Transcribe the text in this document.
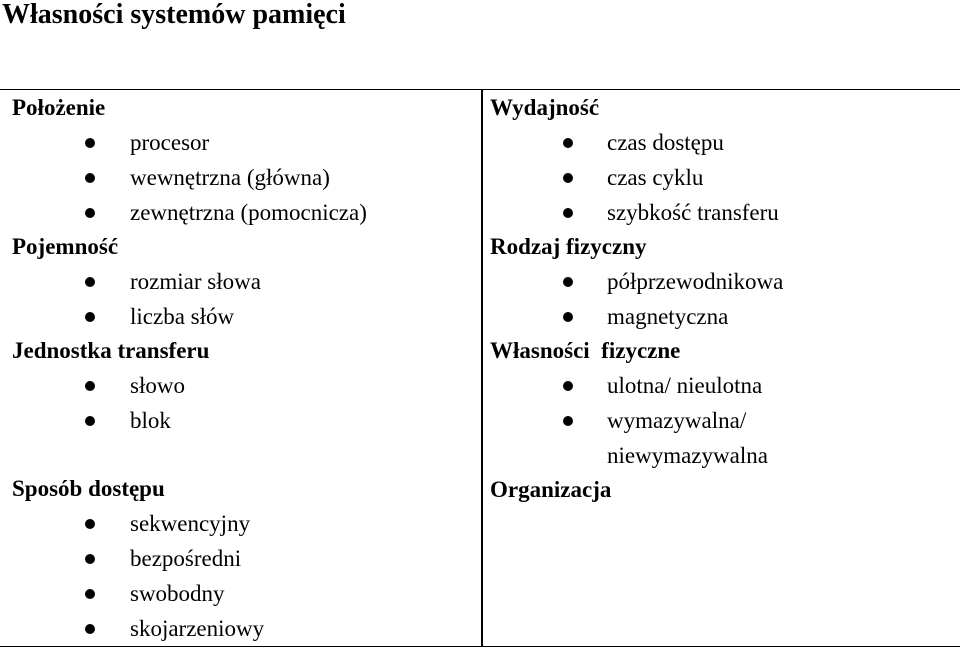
Własności systemów pamięci
Położenie
procesor
wewnętrzna (główna)
zewnętrzna (pomocnicza)
Pojemność
rozmiar słowa
liczba słów
Jednostka transferu
słowo
blok
Sposób dostępu
sekwencyjny
bezpośredni
swobodny
skojarzeniowy
Wydajność
czas dostępu
czas cyklu
szybkość transferu
Rodzaj fizyczny
półprzewodnikowa
magnetyczna
Własności  fizyczne
ulotna/ nieulotna
wymazywalna/
niewymazywalna
Organizacja
